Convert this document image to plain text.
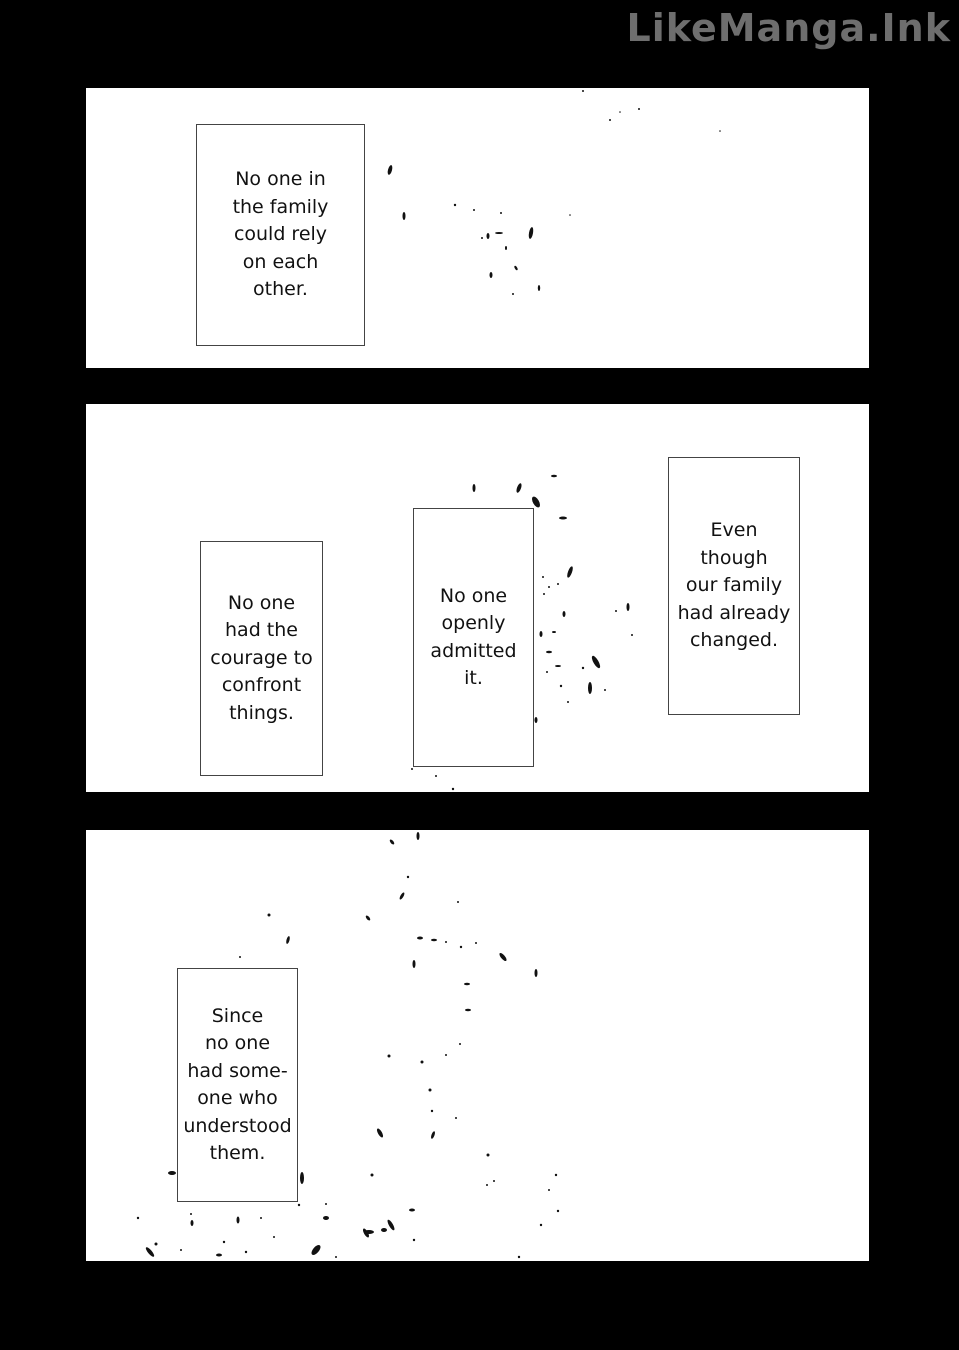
LikeManga.Ink
No one in
the family
could rely
on each
other.
No one
had the
courage to
confront
things.
No one
openly
admitted
it.
Even
though
our family
had already
changed.
Since
no one
had some-
one who
understood
them.
